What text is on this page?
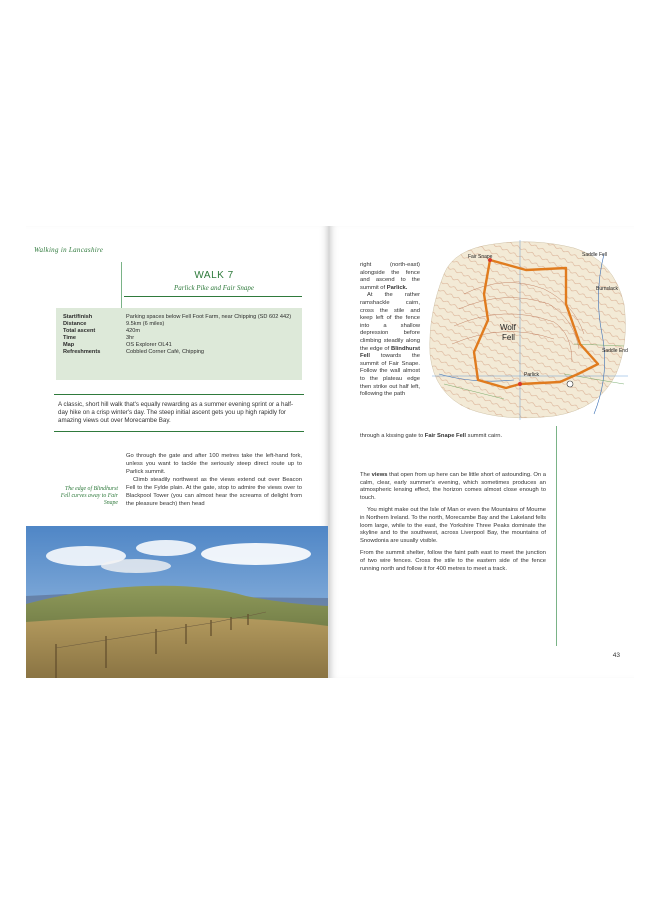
Walking in Lancashire
WALK 7
Parlick Pike and Fair Snape
Start/finish	Parking spaces below Fell Foot Farm, near Chipping (SD 602 442)
Distance	9.5km (6 miles)
Total ascent	420m
Time	3hr
Map	OS Explorer OL41
Refreshments	Cobbled Corner Café, Chipping
A classic, short hill walk that's equally rewarding as a summer evening sprint or a half-day hike on a crisp winter's day. The steep initial ascent gets you up high rapidly for amazing views out over Morecambe Bay.

Go through the gate and after 100 metres take the left-hand fork, unless you want to tackle the seriously steep direct route up to Parlick summit.

Climb steadily northwest as the views extend out over Beacon Fell to the Fylde plain. At the gate, stop to admire the views over to Blackpool Tower (you can almost hear the screams of delight from the pleasure beach) then head

The edge of Blindhurst Fell curves away to Fair Snape
Wolf
Fell
Parlick
Fair Snape
Saddle End
Saddle Fell
Burnslack

right (north-east) alongside the fence and ascend to the summit of Parlick.

At the rather ramshackle cairn, cross the stile and keep left of the fence into a shallow depression before climbing steadily along the edge of Blindhurst Fell towards the summit of Fair Snape. Follow the wall almost to the plateau edge then strike out half left, following the path

through a kissing gate to Fair Snape Fell summit cairn.

The views that open from up here can be little short of astounding. On a calm, clear, early summer's evening, which sometimes produces an atmospheric lensing effect, the horizon comes almost close enough to touch.

You might make out the Isle of Man or even the Mountains of Mourne in Northern Ireland. To the north, Morecambe Bay and the Lakeland fells loom large, while to the east, the Yorkshire Three Peaks dominate the skyline and to the southwest, across Liverpool Bay, the mountains of Snowdonia are usually visible.

From the summit shelter, follow the faint path east to meet the junction of two wire fences. Cross the stile to the eastern side of the fence running north and follow it for 400 metres to meet a track.

43
